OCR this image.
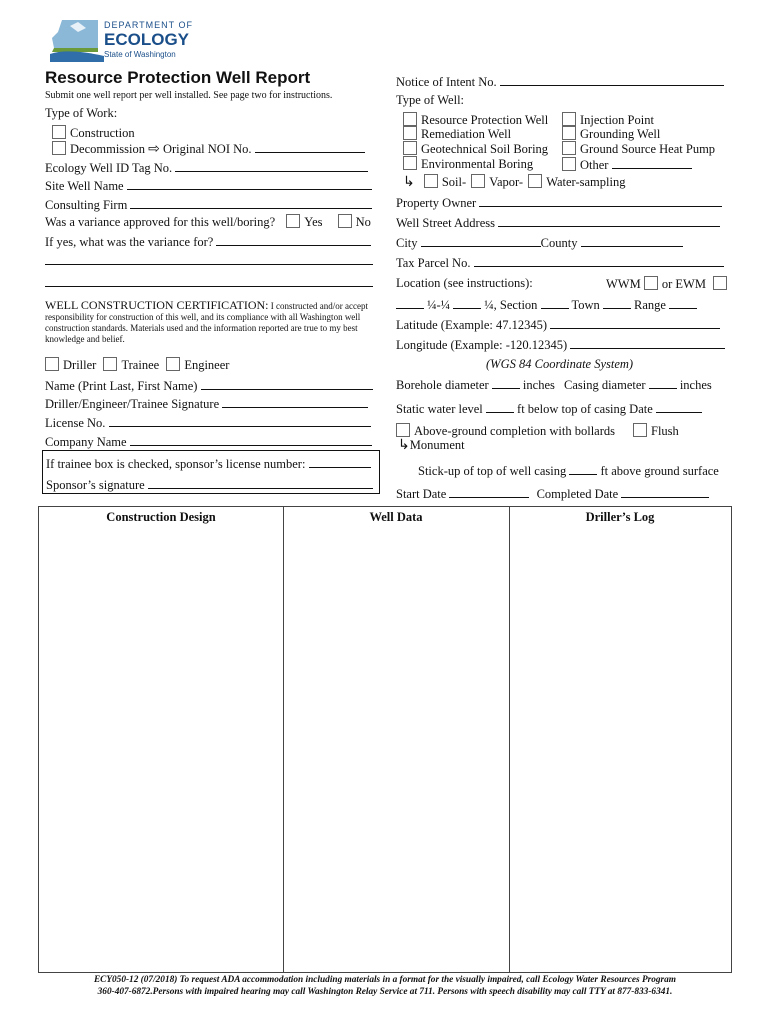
DEPARTMENT OF
ECOLOGY
State of Washington
Resource Protection Well Report
Submit one well report per well installed. See page two for instructions.
Type of Work:
Construction
Decommission ⇨ Original NOI No.
Ecology Well ID Tag No.
Site Well Name
Consulting Firm
Was a variance approved for this well/boring? Yes	No
If yes, what was the variance for?
WELL CONSTRUCTION CERTIFICATION: I constructed and/or accept responsibility for construction of this well, and its compliance with all Washington well construction standards. Materials used and the information reported are true to my best knowledge and belief.
Driller Trainee Engineer
Name (Print Last, First Name)
Driller/Engineer/Trainee Signature
License No.
Company Name
If trainee box is checked, sponsor’s license number:
Sponsor’s signature
Notice of Intent No.
Type of Well:
Resource Protection Well	Injection Point
Remediation Well	Grounding Well
Geotechnical Soil Boring	Ground Source Heat Pump
Environmental Boring	Other
↳ Soil- Vapor- Water-sampling
Property Owner
Well Street Address
City	County
Tax Parcel No.
Location (see instructions):	WWM or EWM
¼-¼	¼, Section	Town	Range
Latitude (Example: 47.12345)
Longitude (Example: -120.12345)
(WGS 84 Coordinate System)
Borehole diameter	inches Casing diameter	inches
Static water level	ft below top of casing Date
Above-ground completion with bollards	Flush
↳Monument
Stick-up of top of well casing	ft above ground surface
Start Date	Completed Date
Construction Design	Well Data	Driller’s Log
ECY050-12 (07/2018) To request ADA accommodation including materials in a format for the visually impaired, call Ecology Water Resources Program
360-407-6872.Persons with impaired hearing may call Washington Relay Service at 711. Persons with speech disability may call TTY at 877-833-6341.
